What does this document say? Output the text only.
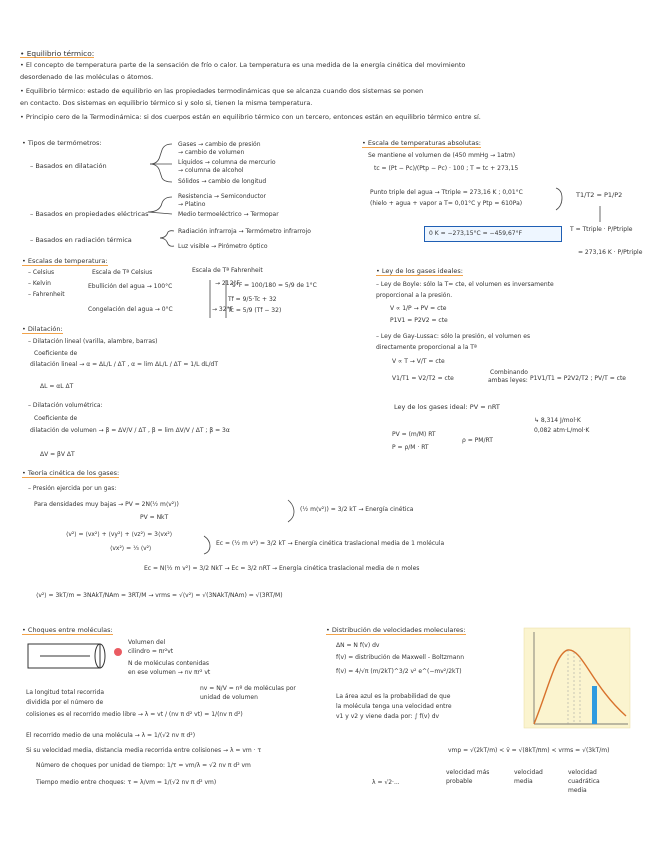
• Equilibrio térmico:
• El concepto de temperatura parte de la sensación de frío o calor. La temperatura es una medida de la energía cinética del movimiento
desordenado de las moléculas o átomos.
• Equilibrio térmico: estado de equilibrio en las propiedades termodinámicas que se alcanza cuando dos sistemas se ponen
en contacto. Dos sistemas en equilibrio térmico si y solo si, tienen la misma temperatura.
• Principio cero de la Termodinámica: si dos cuerpos están en equilibrio térmico con un tercero, entonces están en equilibrio térmico entre sí.
• Tipos de termómetros:
– Basados en dilatación
Gases → cambio de presión
→ cambio de volumen
Líquidos → columna de mercurio
→ columna de alcohol
Sólidos → cambio de longitud
– Basados en propiedades eléctricas
Resistencia → Semiconductor
→ Platino
Medio termoeléctrico → Termopar
– Basados en radiación térmica
Radiación infrarroja → Termómetro infrarrojo
Luz visible → Pirómetro óptico
• Escalas de temperatura:
– Celsius
– Kelvin
– Fahrenheit
Escala de Tª Celsius	Escala de Tª Fahrenheit
Ebullición del agua → 100°C	→ 212°F
Tf = 9/5·Tc + 32
Tc = 5/9 (Tf − 32)
Congelación del agua → 0°C	→ 32°F
9°F = 100/180 = 5/9 de 1°C
• Escala de temperaturas absolutas:
Se mantiene el volumen de (450 mmHg → 1atm)
tc = (Pt − Pc)/(Ptp − Pc) · 100 ; T = tc + 273,15
Punto triple del agua → Ttriple = 273,16 K ; 0,01°C
(hielo + agua + vapor a T= 0,01°C y Ptp = 610Pa)
T1/T2 = P1/P2
T = Ttriple · P/Ptriple
= 273,16 K · P/Ptriple
0 K = −273,15°C = −459,67°F
• Ley de los gases ideales:
– Ley de Boyle: sólo la T= cte, el volumen es inversamente
proporcional a la presión.
V ∝ 1/P → PV = cte
P1V1 = P2V2 = cte
– Ley de Gay-Lussac: sólo la presión, el volumen es
directamente proporcional a la Tª
V ∝ T → V/T = cte
V1/T1 = V2/T2 = cte
Combinando
ambas leyes: P1V1/T1 = P2V2/T2 ; PV/T = cte
Ley de los gases ideal: PV = nRT
↳ 8,314 J/mol·K
0,082 atm·L/mol·K
PV = (m/M) RT
P = ρ/M · RT
ρ = PM/RT
• Dilatación:
– Dilatación lineal (varilla, alambre, barras)
Coeficiente de
dilatación lineal → α = ΔL/L / ΔT , α = lim ΔL/L / ΔT = 1/L dL/dT
ΔL = αL ΔT
– Dilatación volumétrica:
Coeficiente de
dilatación de volumen → β = ΔV/V / ΔT , β = lim ΔV/V / ΔT ; β = 3α
ΔV = βV ΔT
• Teoría cinética de los gases:
– Presión ejercida por un gas:
Para densidades muy bajas → PV = 2N(½ m⟨v²⟩)
PV = NkT
(½ m⟨v²⟩) = 3/2 kT → Energía cinética
⟨v²⟩ = ⟨vx²⟩ + ⟨vy²⟩ + ⟨vz²⟩ = 3⟨vx²⟩
⟨vx²⟩ = ⅓ ⟨v²⟩
Ec = (½ m v²) = 3/2 kT → Energía cinética traslacional media de 1 molécula
Ec = N(½ m v²) = 3/2 NkT → Ec = 3/2 nRT → Energía cinética traslacional media de n moles
⟨v²⟩ = 3kT/m = 3NAkT/NAm = 3RT/M → vrms = √⟨v²⟩ = √(3NAkT/NAm) = √(3RT/M)
• Choques entre moléculas:
Volumen del
cilindro = πr²vt
N de moléculas contenidas
en ese volumen → nv πr² vt
nv = N/V = nº de moléculas por
unidad de volumen
La longitud total recorrida
dividida por el número de
colisiones es el recorrido medio libre → λ = vt / (nv π d² vt) = 1/(nv π d²)
El recorrido medio de una molécula → λ = 1/(√2 nv π d²)
Si su velocidad media, distancia media recorrida entre colisiones → λ = vm · τ
Número de choques por unidad de tiempo: 1/τ = vm/λ = √2 nv π d² vm
Tiempo medio entre choques: τ = λ/vm = 1/(√2 nv π d² vm)	λ = √2·...
• Distribución de velocidades moleculares:
ΔN = N f(v) dv
f(v) = distribución de Maxwell - Boltzmann
f(v) = 4/√π (m/2kT)^3/2 v² e^(−mv²/2kT)
La área azul es la probabilidad de que
la molécula tenga una velocidad entre
v1 y v2 y viene dada por: ∫ f(v) dv
vmp = √(2kT/m) < v̄ = √(8kT/πm) < vrms = √(3kT/m)
velocidad más
probable
velocidad
media
velocidad
cuadrática
media
